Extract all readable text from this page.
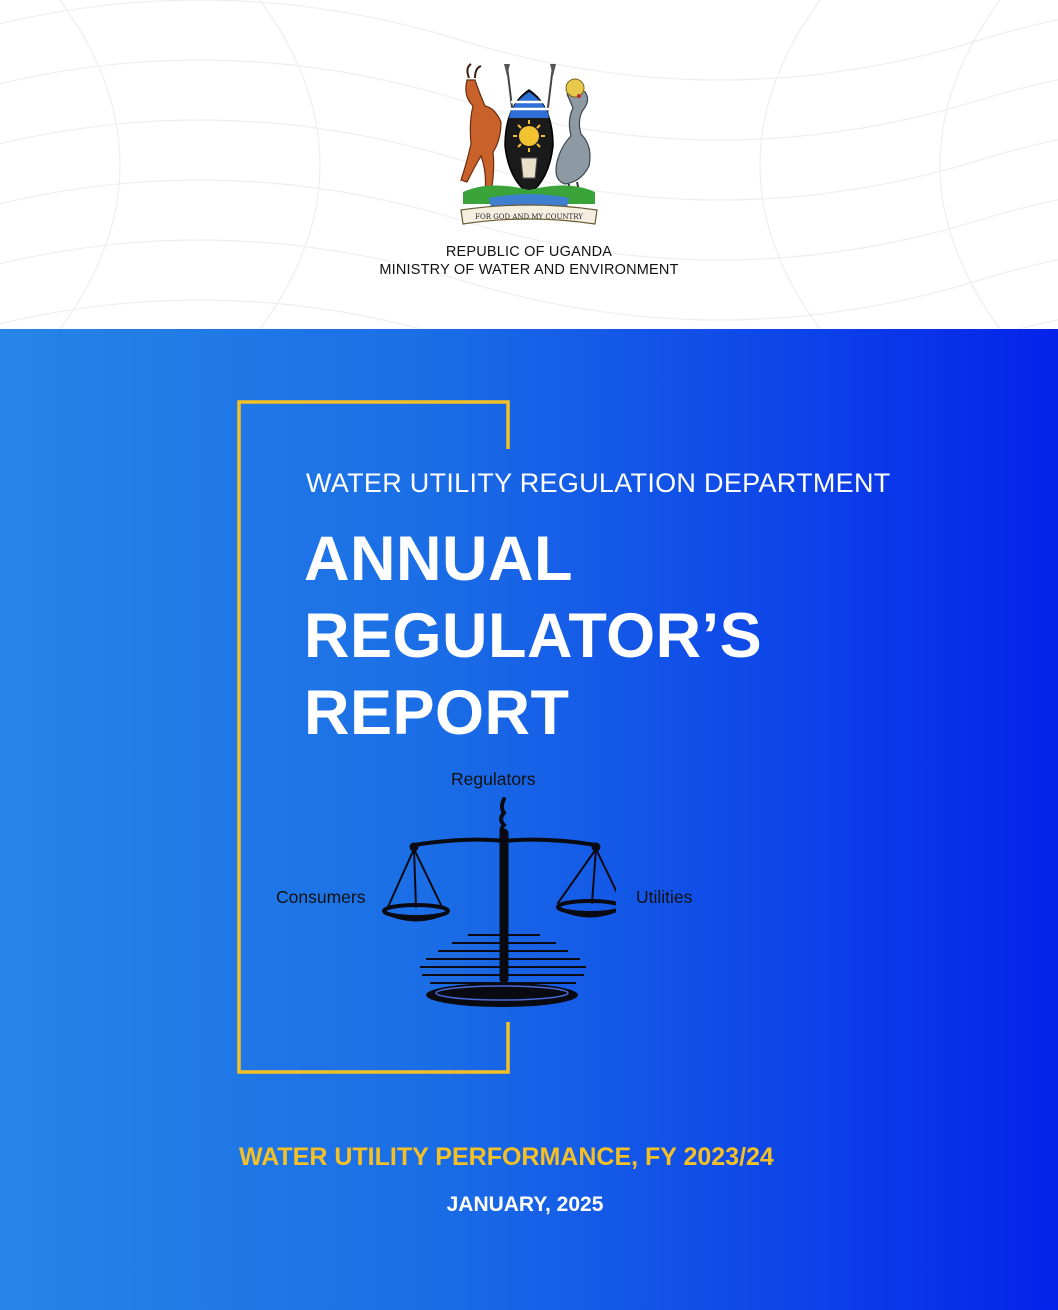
FOR GOD AND MY COUNTRY
REPUBLIC OF UGANDA
MINISTRY OF WATER AND ENVIRONMENT
WATER UTILITY REGULATION DEPARTMENT
ANNUAL
REGULATOR’S
REPORT
Regulators
Consumers	Utilities
WATER UTILITY PERFORMANCE, FY 2023/24
JANUARY, 2025
